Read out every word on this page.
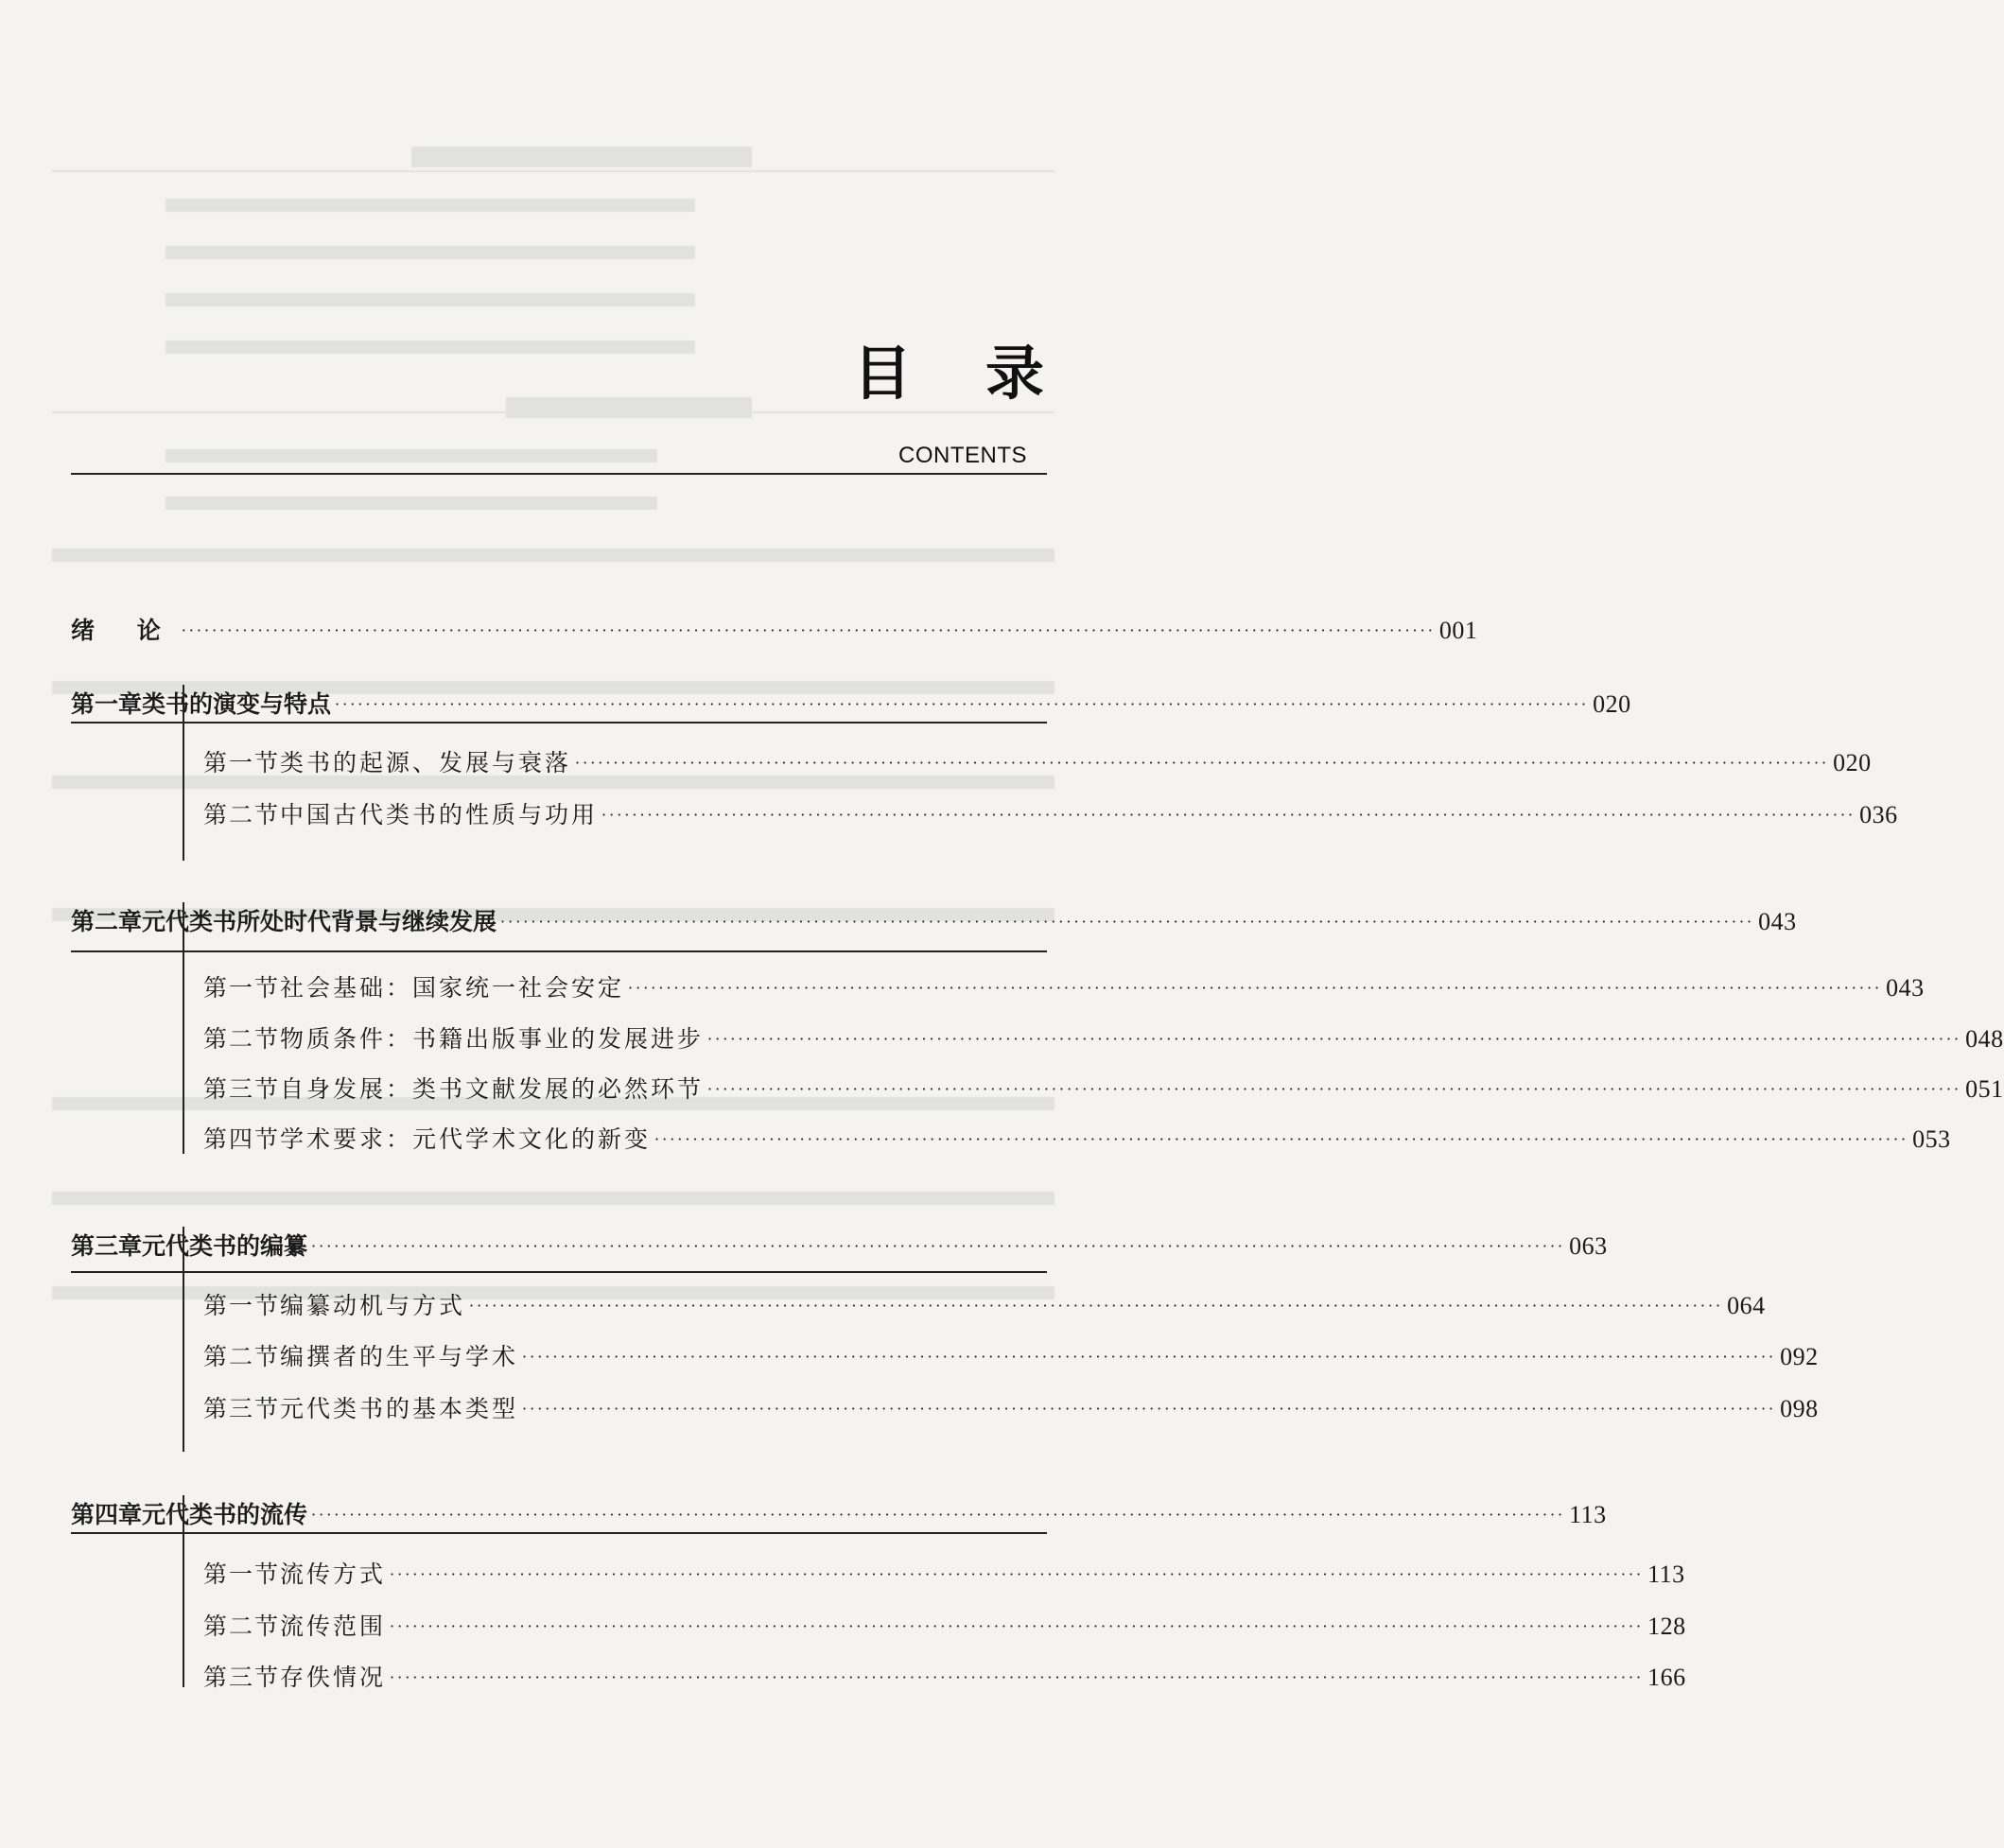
目 录
CONTENTS
绪 论 ···································································································································································· 001
第一章 类书的演变与特点 ···································································································································································· 020
第一节 类书的起源、发展与衰落 ···································································································································································· 020
第二节 中国古代类书的性质与功用 ···································································································································································· 036
第二章 元代类书所处时代背景与继续发展 ···································································································································································· 043
第一节 社会基础：国家统一社会安定 ···································································································································································· 043
第二节 物质条件：书籍出版事业的发展进步 ···································································································································································· 048
第三节 自身发展：类书文献发展的必然环节 ···································································································································································· 051
第四节 学术要求：元代学术文化的新变 ···································································································································································· 053
第三章 元代类书的编纂 ···································································································································································· 063
第一节 编纂动机与方式 ···································································································································································· 064
第二节 编撰者的生平与学术 ···································································································································································· 092
第三节 元代类书的基本类型 ···································································································································································· 098
第四章 元代类书的流传 ···································································································································································· 113
第一节 流传方式 ···································································································································································· 113
第二节 流传范围 ···································································································································································· 128
第三节 存佚情况 ···································································································································································· 166
